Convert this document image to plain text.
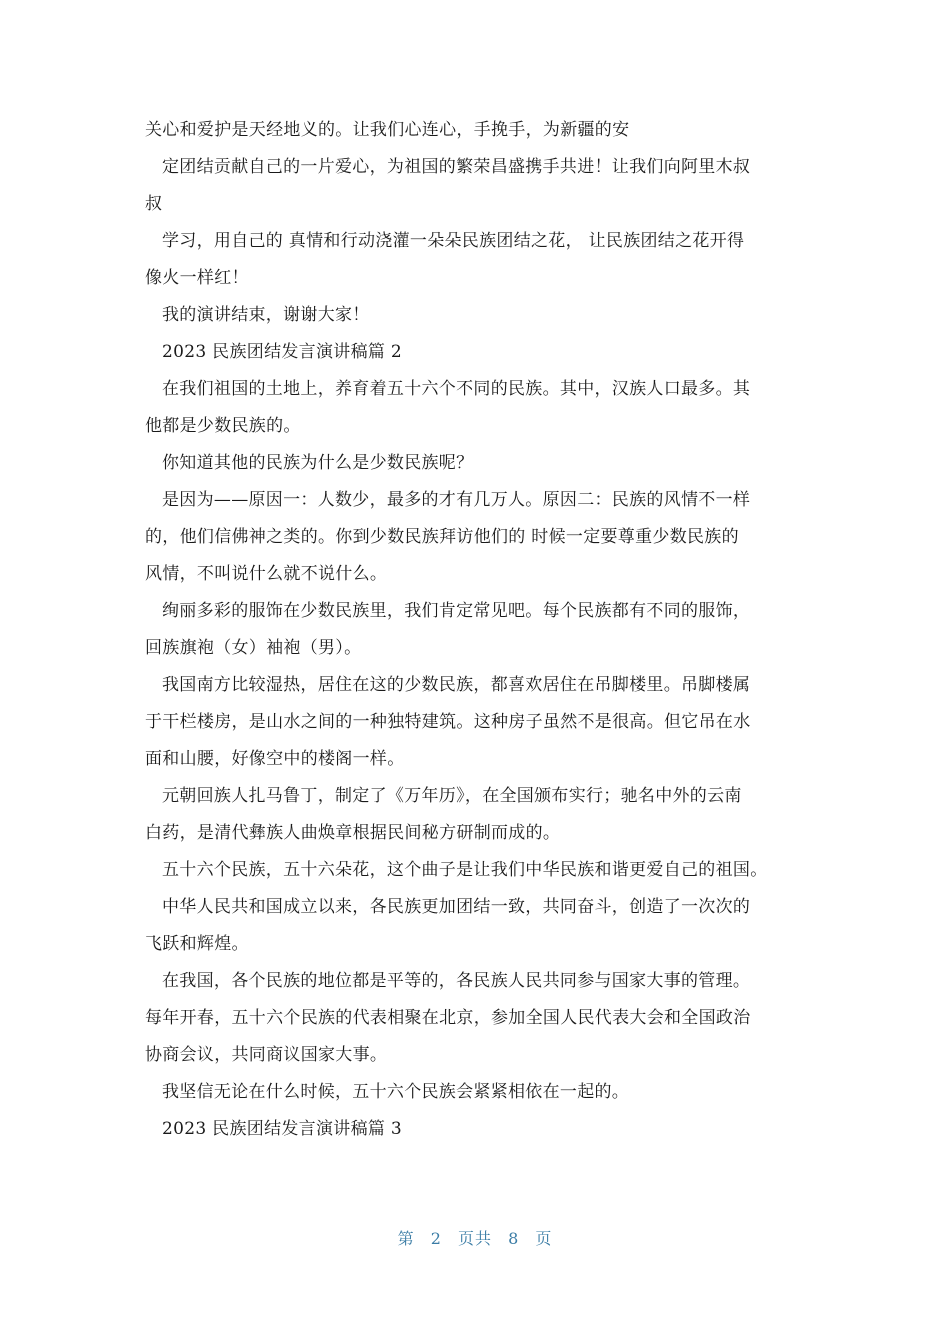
关心和爱护是天经地义的。让我们心连心，手挽手，为新疆的安
定团结贡献自己的一片爱心，为祖国的繁荣昌盛携手共进！让我们向阿里木叔
叔
学习，用自己的 真情和行动浇灌一朵朵民族团结之花， 让民族团结之花开得
像火一样红！
我的演讲结束，谢谢大家！
2023 民族团结发言演讲稿篇 2
在我们祖国的土地上，养育着五十六个不同的民族。其中，汉族人口最多。其
他都是少数民族的。
你知道其他的民族为什么是少数民族呢？
是因为——原因一：人数少，最多的才有几万人。原因二：民族的风情不一样
的，他们信佛神之类的。你到少数民族拜访他们的 时候一定要尊重少数民族的
风情，不叫说什么就不说什么。
绚丽多彩的服饰在少数民族里，我们肯定常见吧。每个民族都有不同的服饰，
回族旗袍（女）袖袍（男）。
我国南方比较湿热，居住在这的少数民族，都喜欢居住在吊脚楼里。吊脚楼属
于干栏楼房，是山水之间的一种独特建筑。这种房子虽然不是很高。但它吊在水
面和山腰，好像空中的楼阁一样。
元朝回族人扎马鲁丁，制定了《万年历》，在全国颁布实行；驰名中外的云南
白药，是清代彝族人曲焕章根据民间秘方研制而成的。
五十六个民族，五十六朵花，这个曲子是让我们中华民族和谐更爱自己的祖国。
中华人民共和国成立以来，各民族更加团结一致，共同奋斗，创造了一次次的
飞跃和辉煌。
在我国，各个民族的地位都是平等的，各民族人民共同参与国家大事的管理。
每年开春，五十六个民族的代表相聚在北京，参加全国人民代表大会和全国政治
协商会议，共同商议国家大事。
我坚信无论在什么时候，五十六个民族会紧紧相依在一起的。
2023 民族团结发言演讲稿篇 3
第 2 页共 8 页
